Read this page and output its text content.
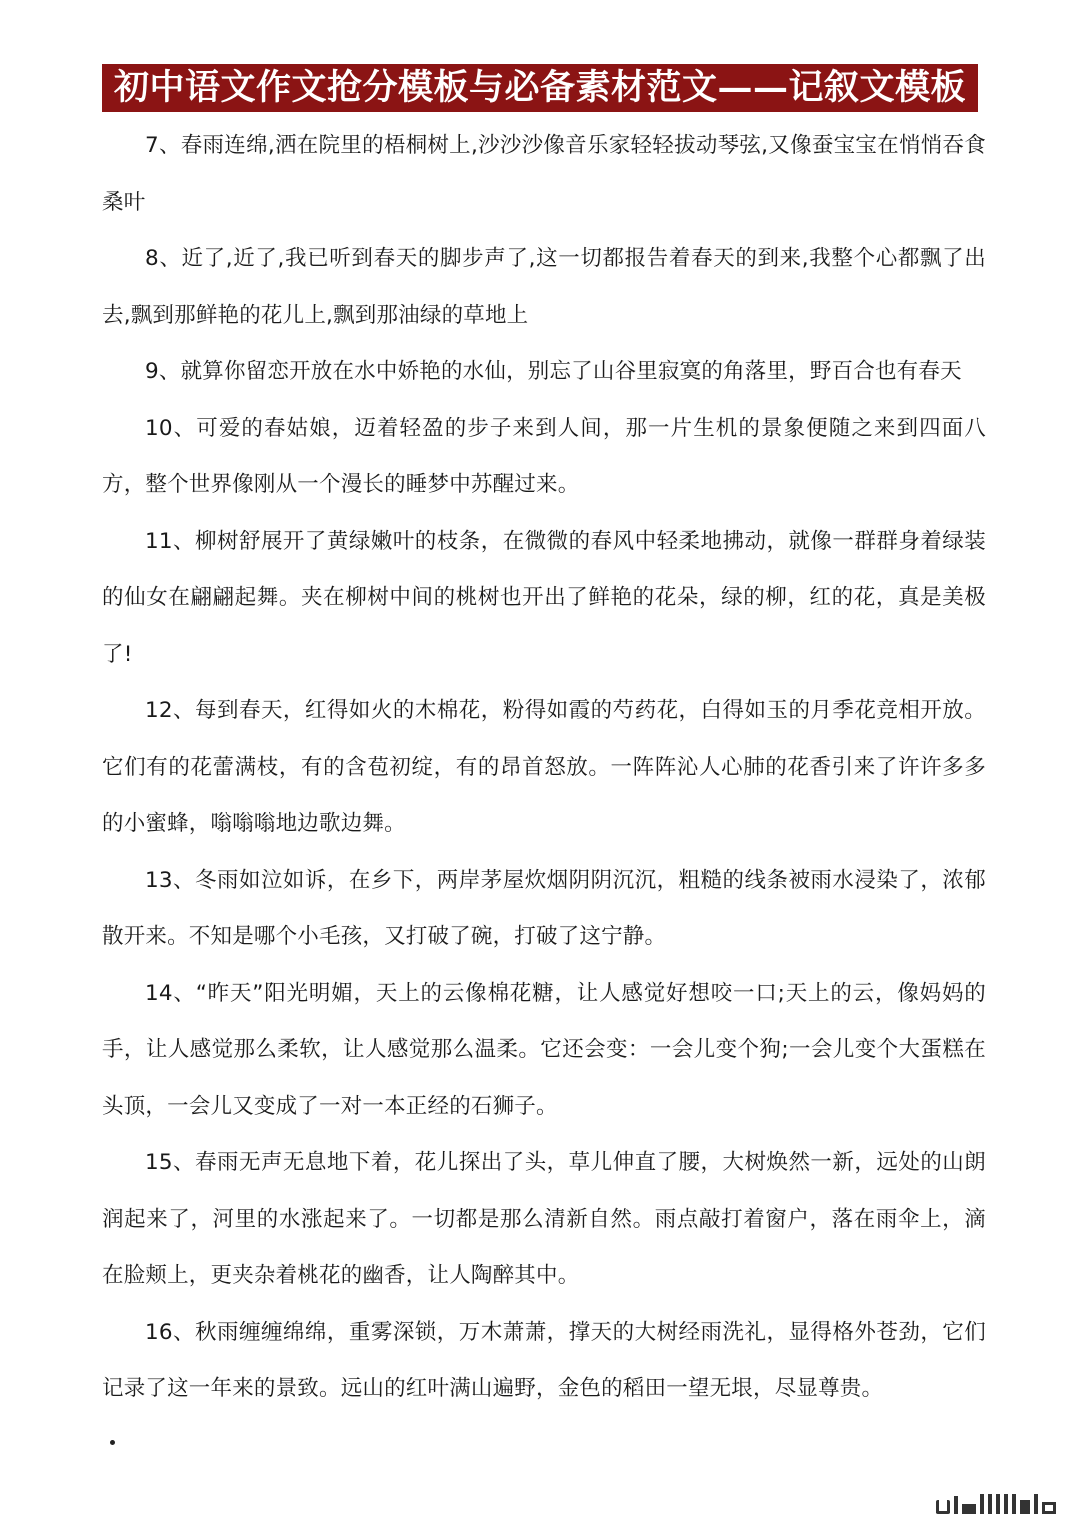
初中语文作文抢分模板与必备素材范文——记叙文模板

7、春雨连绵,洒在院里的梧桐树上,沙沙沙像音乐家轻轻拔动琴弦,又像蚕宝宝在悄悄吞食桑叶

8、近了,近了,我已听到春天的脚步声了,这一切都报告着春天的到来,我整个心都飘了出去,飘到那鲜艳的花儿上,飘到那油绿的草地上

9、就算你留恋开放在水中娇艳的水仙，别忘了山谷里寂寞的角落里，野百合也有春天

10、可爱的春姑娘，迈着轻盈的步子来到人间，那一片生机的景象便随之来到四面八方，整个世界像刚从一个漫长的睡梦中苏醒过来。

11、柳树舒展开了黄绿嫩叶的枝条，在微微的春风中轻柔地拂动，就像一群群身着绿装的仙女在翩翩起舞。夹在柳树中间的桃树也开出了鲜艳的花朵，绿的柳，红的花，真是美极了!

12、每到春天，红得如火的木棉花，粉得如霞的芍药花，白得如玉的月季花竞相开放。它们有的花蕾满枝，有的含苞初绽，有的昂首怒放。一阵阵沁人心肺的花香引来了许许多多的小蜜蜂，嗡嗡嗡地边歌边舞。

13、冬雨如泣如诉，在乡下，两岸茅屋炊烟阴阴沉沉，粗糙的线条被雨水浸染了，浓郁散开来。不知是哪个小毛孩，又打破了碗，打破了这宁静。

14、“昨天”阳光明媚，天上的云像棉花糖，让人感觉好想咬一口;天上的云，像妈妈的手，让人感觉那么柔软，让人感觉那么温柔。它还会变：一会儿变个狗;一会儿变个大蛋糕在头顶，一会儿又变成了一对一本正经的石狮子。

15、春雨无声无息地下着，花儿探出了头，草儿伸直了腰，大树焕然一新，远处的山朗润起来了，河里的水涨起来了。一切都是那么清新自然。雨点敲打着窗户，落在雨伞上，滴在脸颊上，更夹杂着桃花的幽香，让人陶醉其中。

16、秋雨缠缠绵绵，重雾深锁，万木萧萧，撑天的大树经雨洗礼，显得格外苍劲，它们记录了这一年来的景致。远山的红叶满山遍野，金色的稻田一望无垠，尽显尊贵。
